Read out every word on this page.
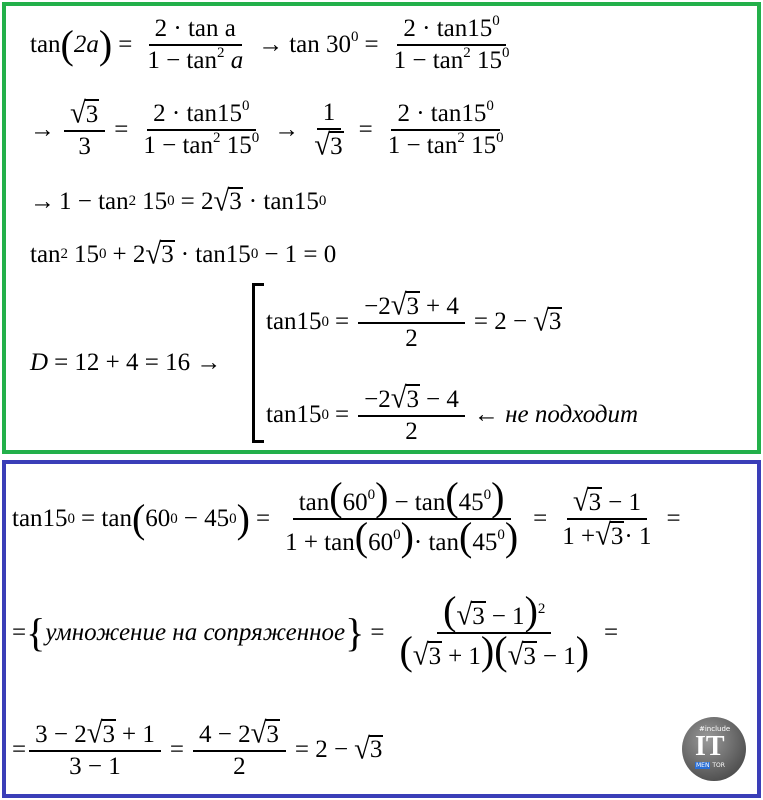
tan ( 2a ) = $\frac{\text{2 · tan a}}{1 - \tan^2 a} \to \tan 30^0 = \frac{2 \cdot \tan 15^0}{1 - \tan^2 15^0}$
→ $\frac{√ 3}{3} = \frac{2 \cdot \tan 15^0}{1 - \tan^2 15^0} \to \frac{1}{√ 3} = \frac{2 \cdot \tan 15^0}{1 - \tan^2 15^0}$
→ 1 − tan 2 15 0 = 2 √ 3 · tan15 0
tan 2 15 0 + 2 √ 3 · tan15 0 − 1 = 0
D = 12 + 4 = 16 →
tan15 $0 = \frac{-2 √ 3 + 4}{2} = 2$ − √ 3
tan15 $0 = \frac{-2 √ 3 - 4}{2}$ ← не подходит
tan15 0 = tan ( 60 0 − 45 0 ) = $\frac{\tan(60^0) - \tan(45^0)}{1 + \tan(60^0)\cdot \tan(45^0)} = \frac{√ 3 - 1}{1 + √ 3 \cdot 1}$ =
= { умножение на сопряженное } = $\frac{( √ 3 - 1)^2}{( √ 3 + 1)( √ 3 - 1)}$ =
= $\frac{3 - 2 √ 3 + 1}{3 - 1} = \frac{4 - 2 √ 3}{2} = 2$ − √ 3
#include
IT
MEN TOR
